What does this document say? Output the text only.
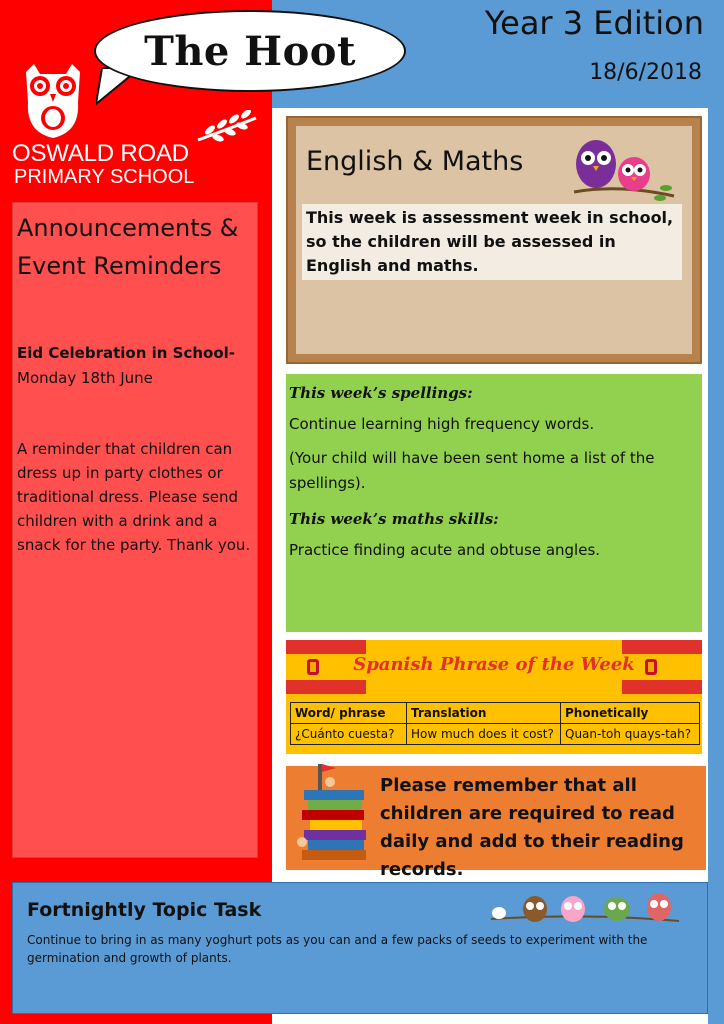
The Hoot
Year 3 Edition
18/6/2018
OSWALD ROAD
PRIMARY SCHOOL
Announcements & Event Reminders
Eid Celebration in School-
Monday 18th June
A reminder that children can dress up in party clothes or traditional dress. Please send children with a drink and a snack for the party. Thank you.
English & Maths
This week is assessment week in school, so the children will be assessed in English and maths.
This week’s spellings:
Continue learning high frequency words.
(Your child will have been sent home a list of the spellings).
This week’s maths skills:
Practice finding acute and obtuse angles.
Spanish Phrase of the Week
Word/ phrase	Translation	Phonetically
¿Cuánto cuesta?	How much does it cost?	Quan-toh quays-tah?
Please remember that all children are required to read daily and add to their reading records.
Fortnightly Topic Task
Continue to bring in as many yoghurt pots as you can and a few packs of seeds to experiment with the germination and growth of plants.
